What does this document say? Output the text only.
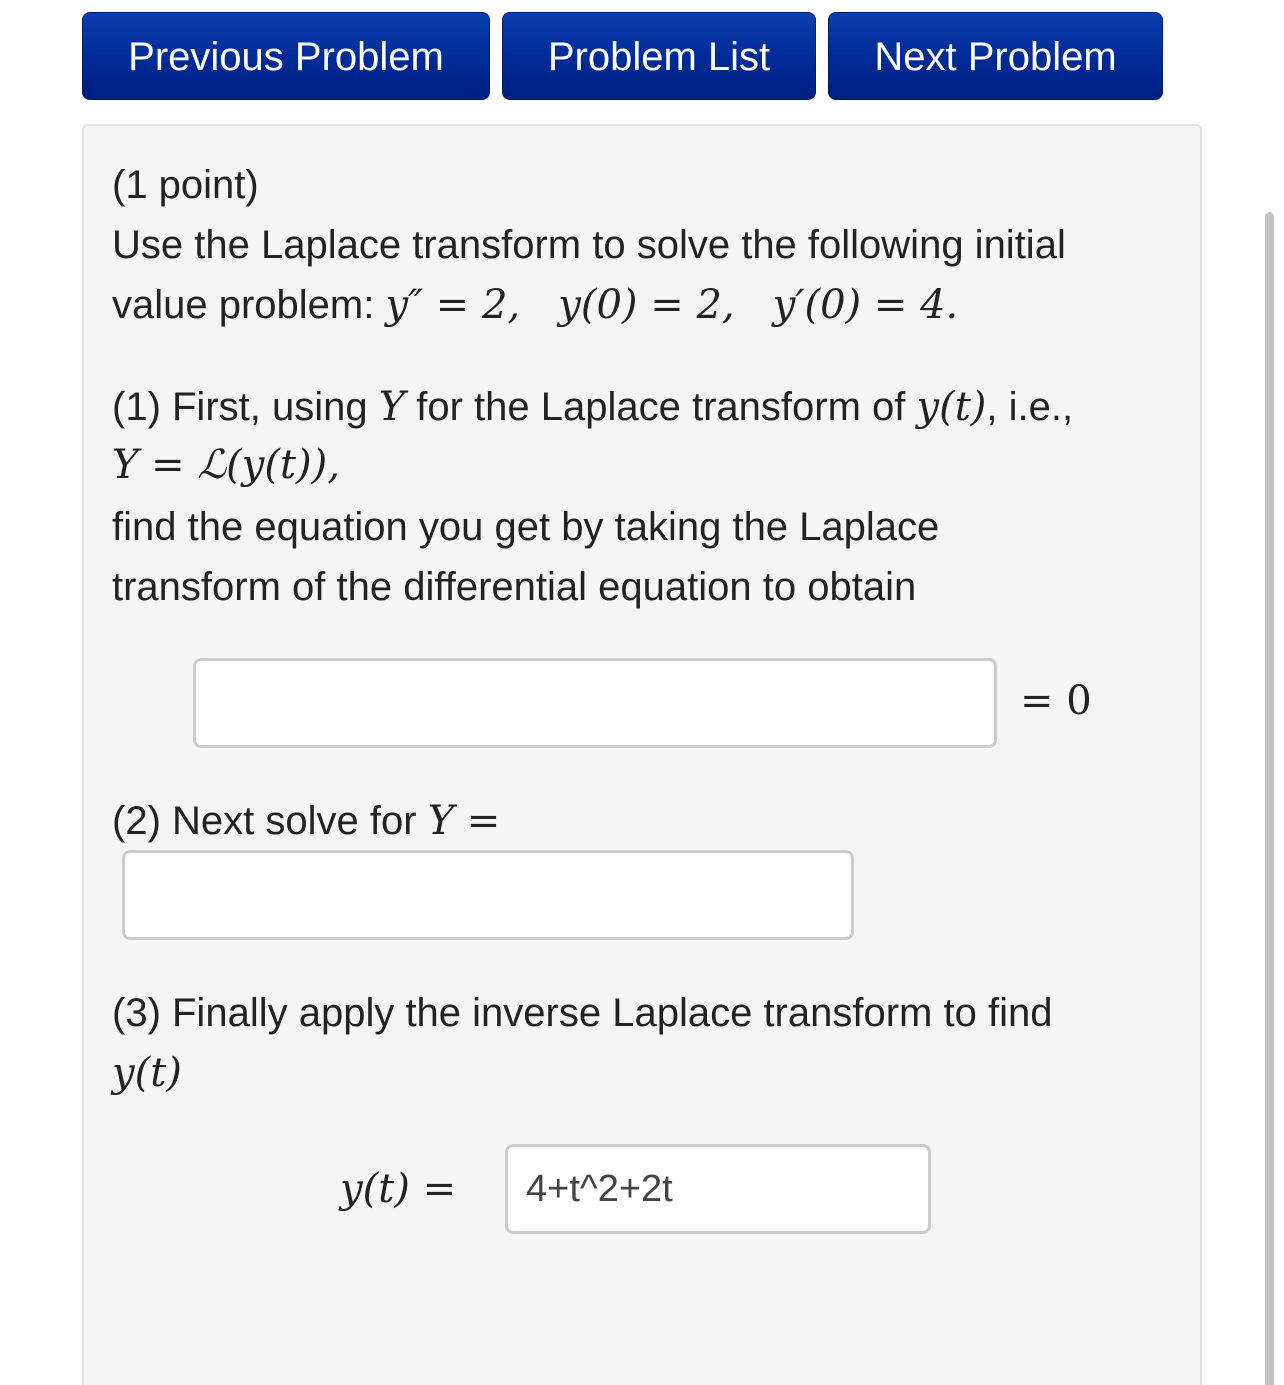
Previous Problem	Problem List	Next Problem
(1 point)
Use the Laplace transform to solve the following initial
value problem: y″ = 2,   y(0) = 2,   y′(0) = 4.
(1) First, using Y for the Laplace transform of y(t), i.e.,
Y = ℒ(y(t)),
find the equation you get by taking the Laplace
transform of the differential equation to obtain
= 0
(2) Next solve for Y =
(3) Finally apply the inverse Laplace transform to find
y(t)
y(t) =
4+t^2+2t
